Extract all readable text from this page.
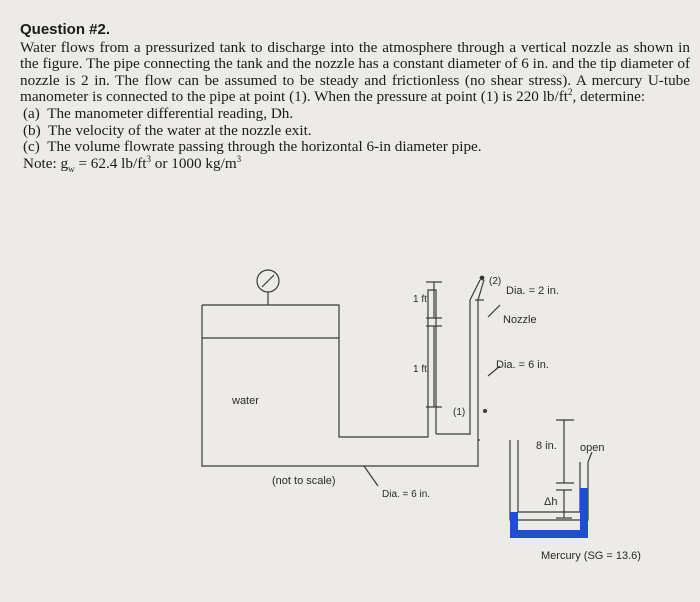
Question #2.
Water flows from a pressurized tank to discharge into the atmosphere through a vertical nozzle as shown in the figure. The pipe connecting the tank and the nozzle has a constant diameter of 6 in. and the tip diameter of nozzle is 2 in. The flow can be assumed to be steady and frictionless (no shear stress). A mercury U-tube manometer is connected to the pipe at point (1). When the pressure at point (1) is 220 $lb/ft^2$, determine:
(a) The manometer differential reading, Dh.
(b) The velocity of the water at the nozzle exit.
(c) The volume flowrate passing through the horizontal 6-in diameter pipe.
Note: $g_w = 62.4$ $lb/ft^3$ or 1000 $kg/m^3$
water
(not to scale)
1 ft
1 ft
(2)
Dia. = 2 in.
Nozzle
Dia. = 6 in.
(1)
Dia. = 6 in.
8 in. open
Δh
Mercury (SG = 13.6)
